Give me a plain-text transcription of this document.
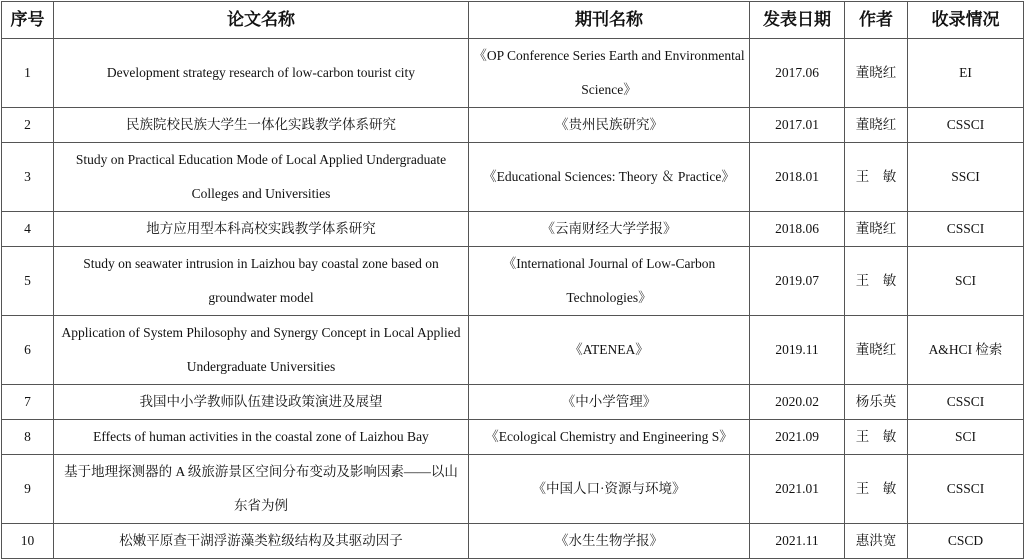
序号	论文名称	期刊名称	发表日期	作者	收录情况
1	Development strategy research of low-carbon tourist city	《OP Conference Series Earth and Environmental Science》	2017.06	董晓红	EI
2	民族院校民族大学生一体化实践教学体系研究	《贵州民族研究》	2017.01	董晓红	CSSCI
3	Study on Practical Education Mode of Local Applied Undergraduate Colleges and Universities	《Educational Sciences: Theory ＆ Practice》	2018.01	王　敏	SSCI
4	地方应用型本科高校实践教学体系研究	《云南财经大学学报》	2018.06	董晓红	CSSCI
5	Study on seawater intrusion in Laizhou bay coastal zone based on groundwater model	《International Journal of Low-Carbon Technologies》	2019.07	王　敏	SCI
6	Application of System Philosophy and Synergy Concept in Local Applied Undergraduate Universities	《ATENEA》	2019.11	董晓红	A&HCI 检索
7	我国中小学教师队伍建设政策演进及展望	《中小学管理》	2020.02	杨乐英	CSSCI
8	Effects of human activities in the coastal zone of Laizhou Bay	《Ecological Chemistry and Engineering S》	2021.09	王　敏	SCI
9	基于地理探测器的 A 级旅游景区空间分布变动及影响因素——以山东省为例	《中国人口·资源与环境》	2021.01	王　敏	CSSCI
10	松嫩平原查干湖浮游藻类粒级结构及其驱动因子	《水生生物学报》	2021.11	惠洪宽	CSCD
